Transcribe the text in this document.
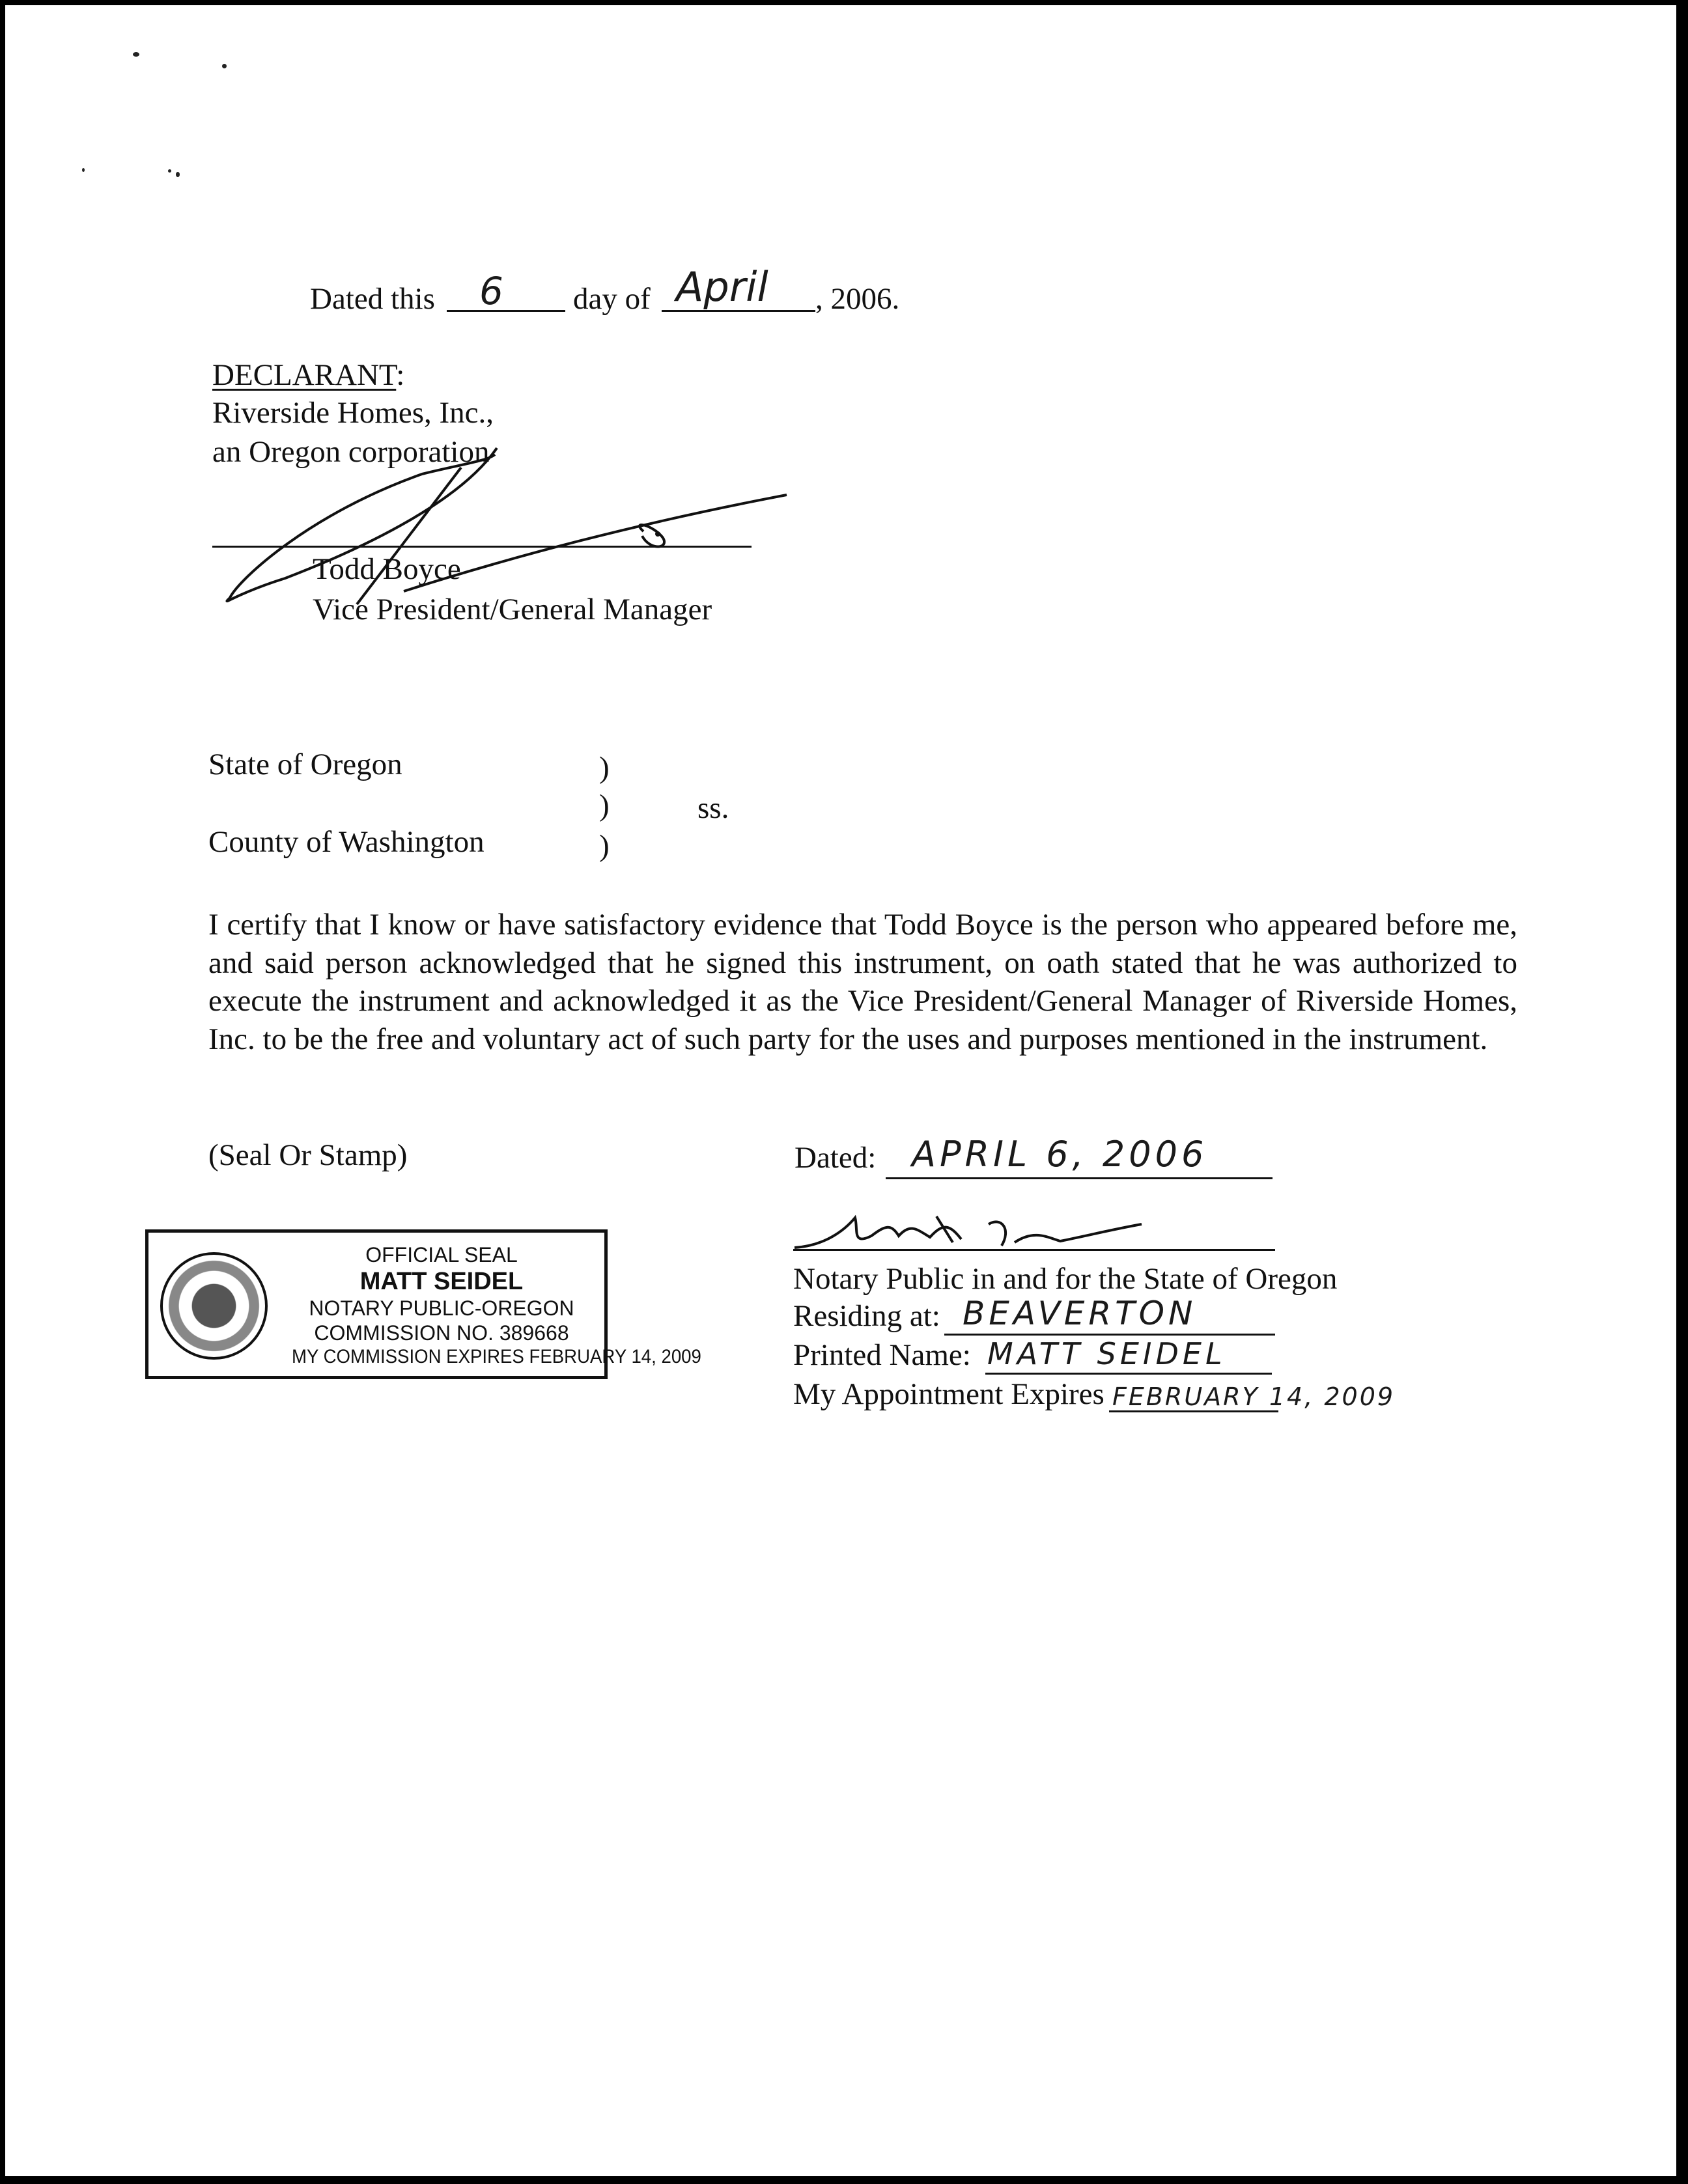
Dated this 6 day of April , 2006.
DECLARANT:
Riverside Homes, Inc.,
an Oregon corporation
Todd Boyce
Vice President/General Manager
State of Oregon	)
)	ss.
County of Washington	)
I certify that I know or have satisfactory evidence that Todd Boyce is the person who appeared before me, and said person acknowledged that he signed this instrument, on oath stated that he was authorized to execute the instrument and acknowledged it as the Vice President/General Manager of Riverside Homes, Inc. to be the free and voluntary act of such party for the uses and purposes mentioned in the instrument.
(Seal Or Stamp)
OFFICIAL SEAL
MATT SEIDEL
NOTARY PUBLIC-OREGON
COMMISSION NO. 389668
MY COMMISSION EXPIRES FEBRUARY 14, 2009
Dated: APRIL 6, 2006
Notary Public in and for the State of Oregon
Residing at: BEAVERTON
Printed Name: MATT SEIDEL
My Appointment Expires FEBRUARY 14, 2009
